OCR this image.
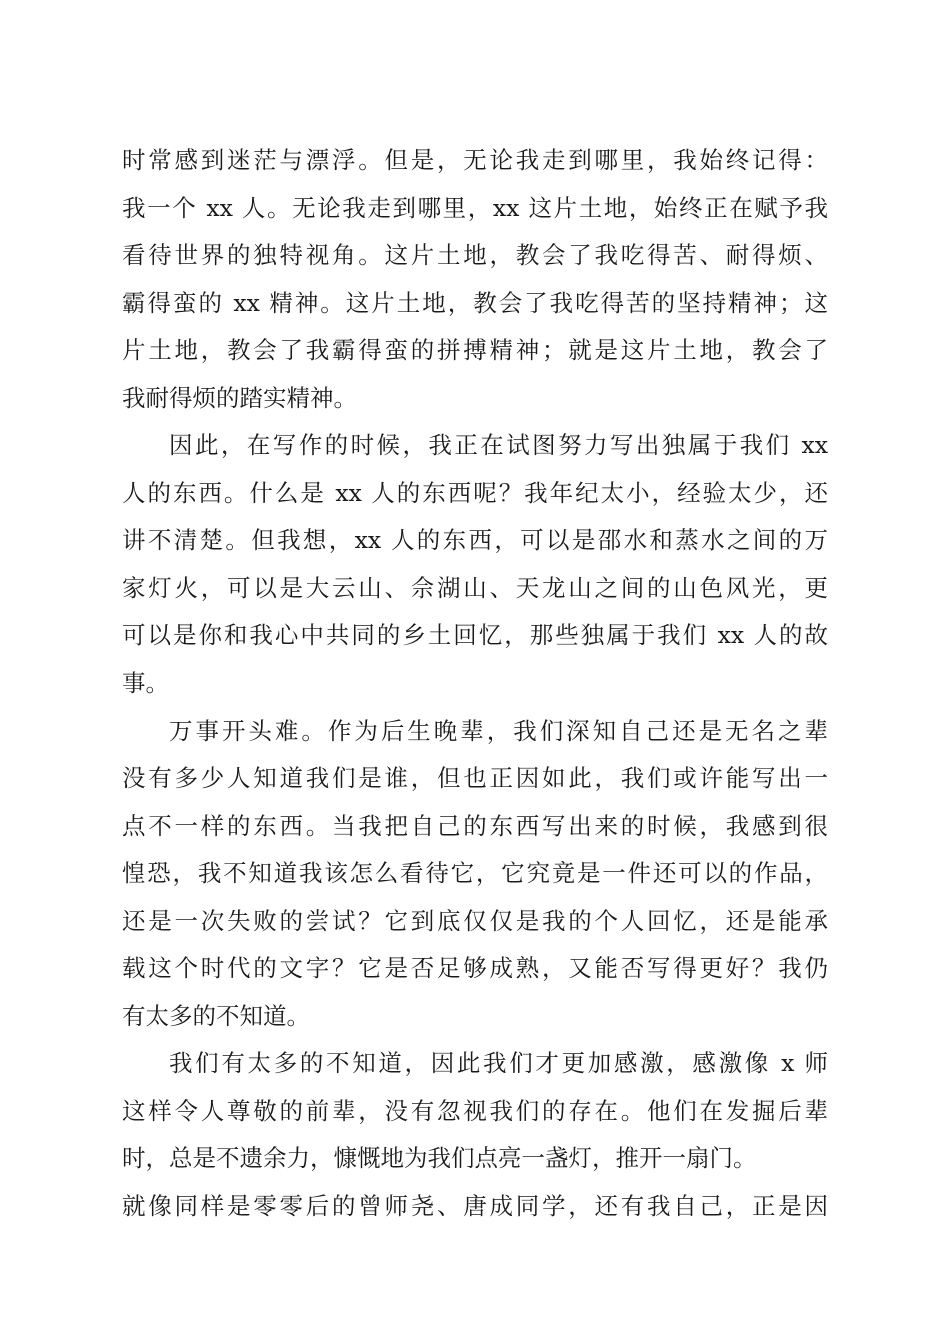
时常感到迷茫与漂浮。但是，无论我走到哪里，我始终记得：
我一个 xx 人。无论我走到哪里，xx 这片土地，始终正在赋予我
看待世界的独特视角。这片土地，教会了我吃得苦、耐得烦、
霸得蛮的 xx 精神。这片土地，教会了我吃得苦的坚持精神；这
片土地，教会了我霸得蛮的拼搏精神；就是这片土地，教会了
我耐得烦的踏实精神。
因此，在写作的时候，我正在试图努力写出独属于我们 xx
人的东西。什么是 xx 人的东西呢？我年纪太小，经验太少，还
讲不清楚。但我想，xx 人的东西，可以是邵水和蒸水之间的万
家灯火，可以是大云山、佘湖山、天龙山之间的山色风光，更
可以是你和我心中共同的乡土回忆，那些独属于我们 xx 人的故
事。
万事开头难。作为后生晚辈，我们深知自己还是无名之辈
没有多少人知道我们是谁，但也正因如此，我们或许能写出一
点不一样的东西。当我把自己的东西写出来的时候，我感到很
惶恐，我不知道我该怎么看待它，它究竟是一件还可以的作品，
还是一次失败的尝试？它到底仅仅是我的个人回忆，还是能承
载这个时代的文字？它是否足够成熟，又能否写得更好？我仍
有太多的不知道。
我们有太多的不知道，因此我们才更加感激，感激像 x 师
这样令人尊敬的前辈，没有忽视我们的存在。他们在发掘后辈
时，总是不遗余力，慷慨地为我们点亮一盏灯，推开一扇门。
就像同样是零零后的曾师尧、唐成同学，还有我自己，正是因
